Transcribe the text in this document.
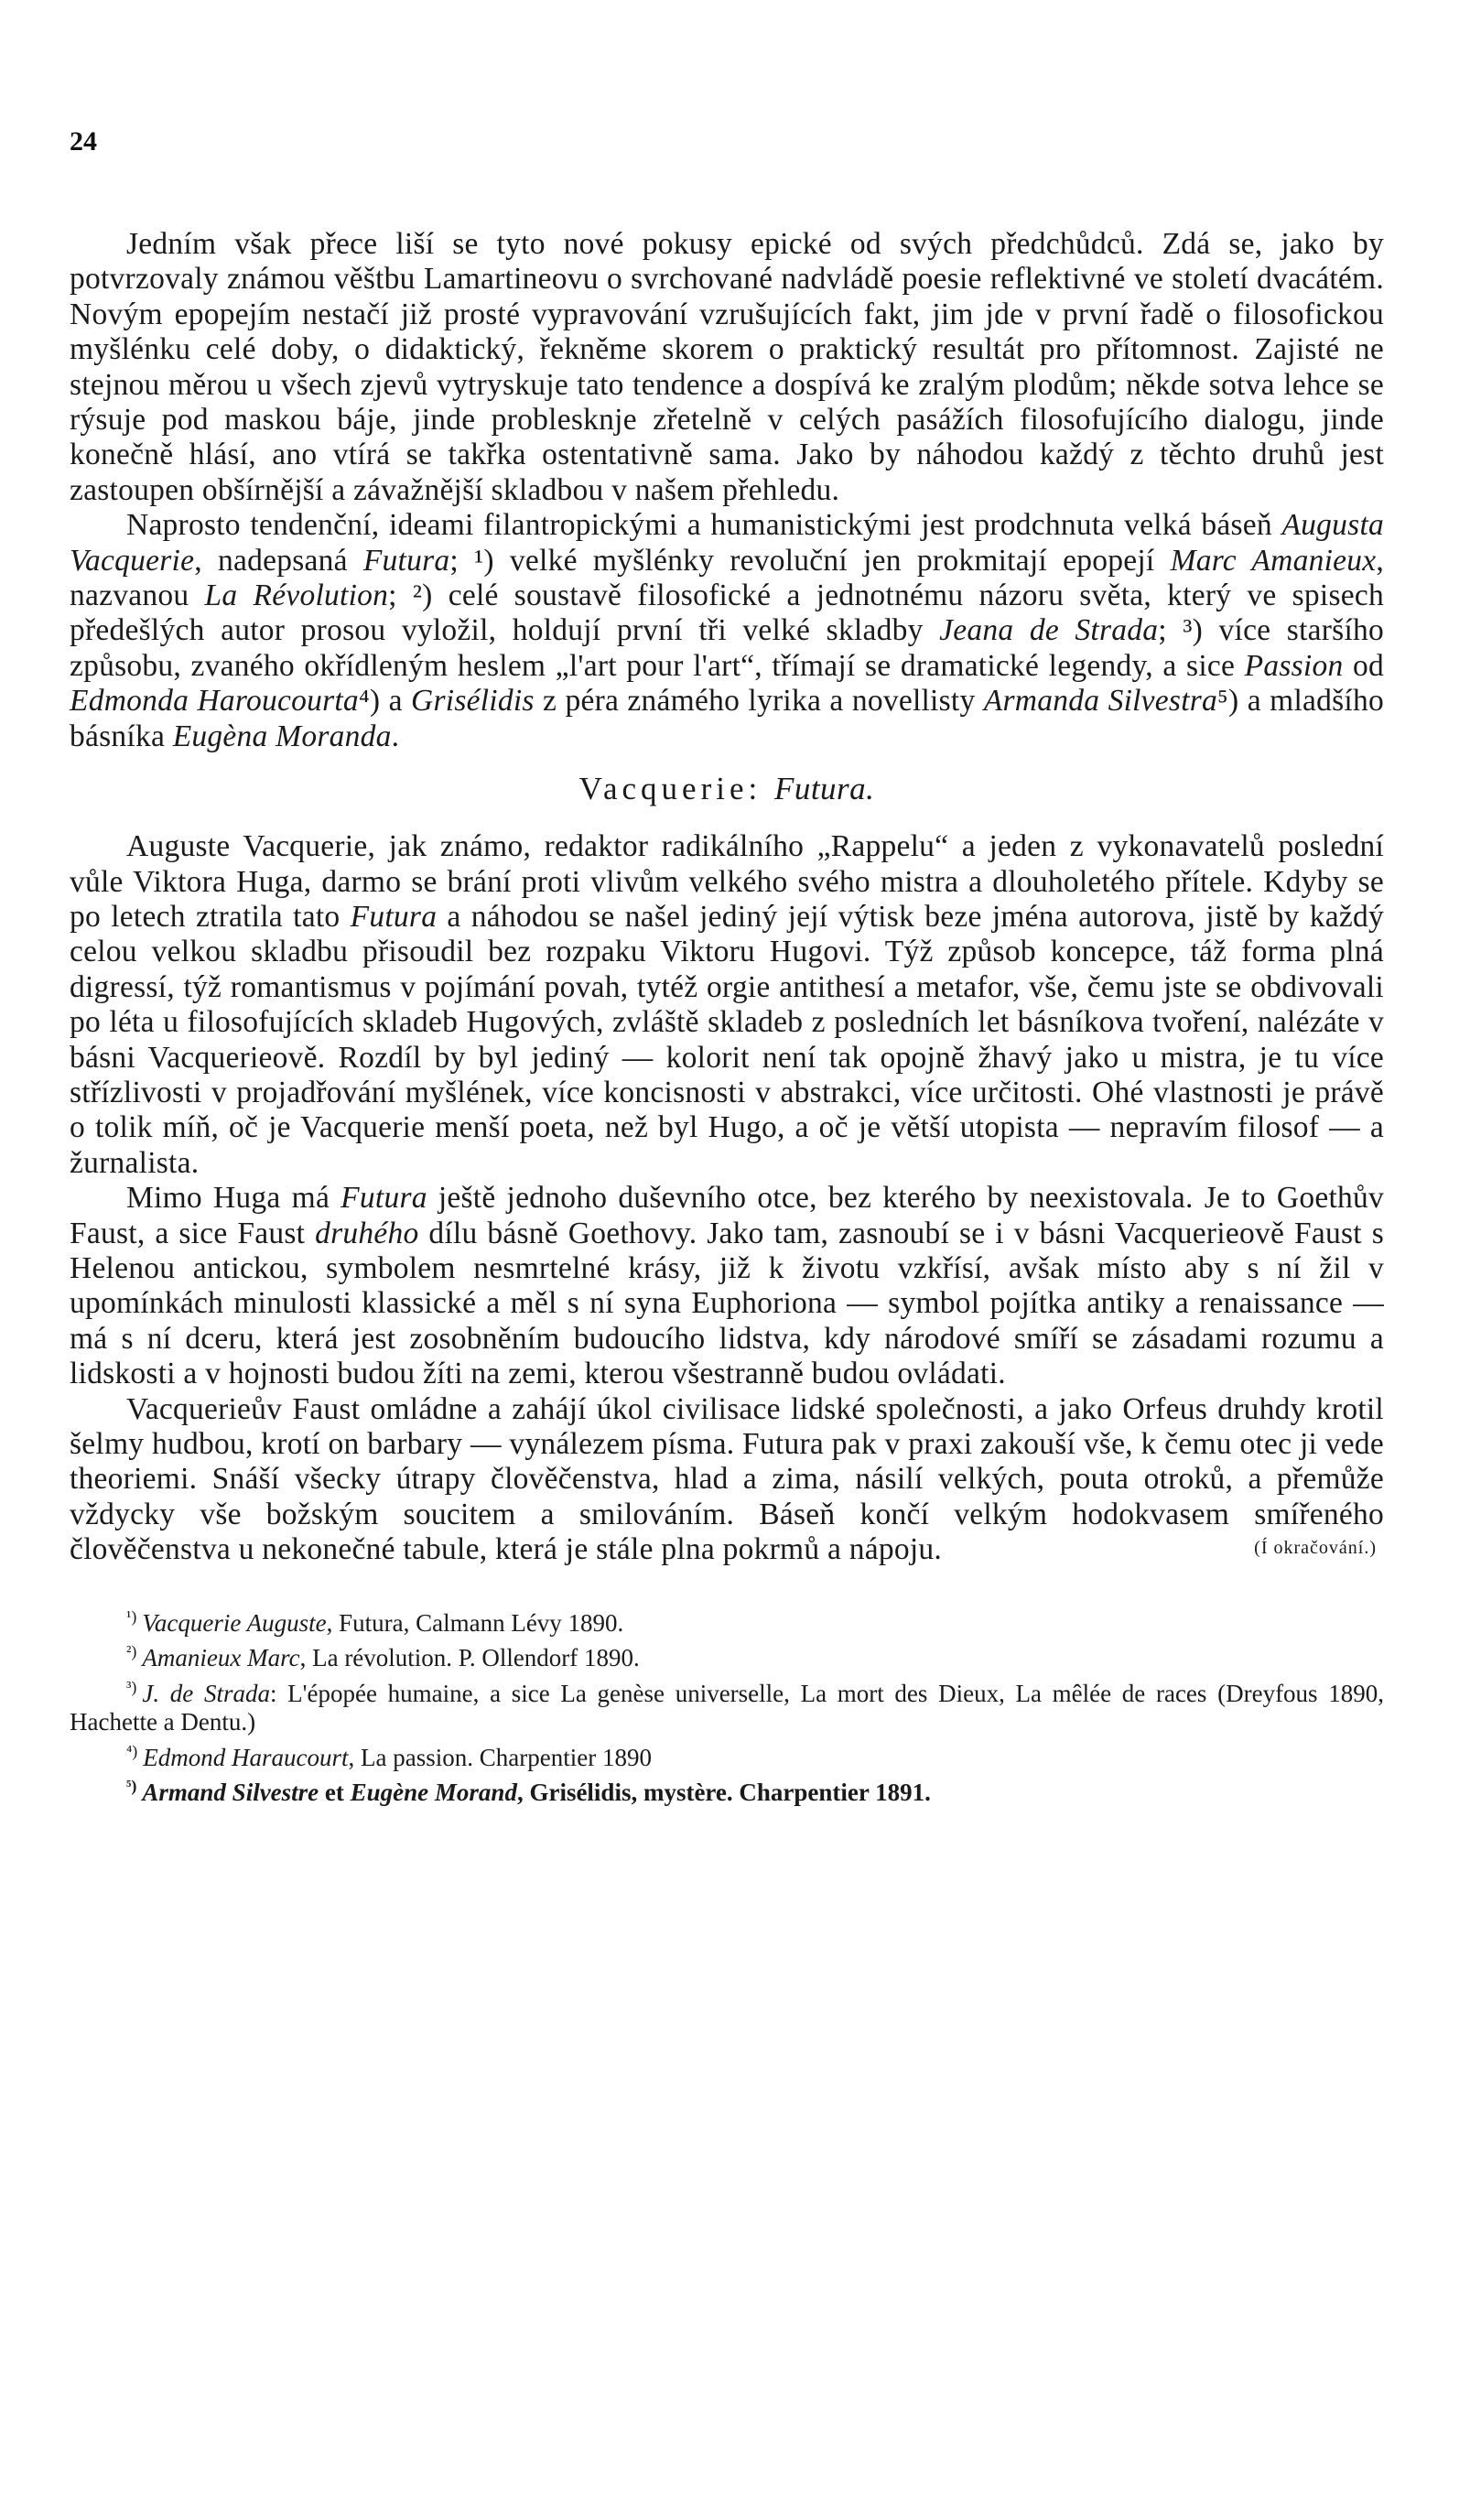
24

Jedním však přece liší se tyto nové pokusy epické od svých předchůdců. Zdá se, jako by potvrzovaly známou věštbu Lamartineovu o svrchované nadvládě poesie reflektivné ve století dvacátém. Novým epopejím nestačí již prosté vypravování vzrušujících fakt, jim jde v první řadě o filosofickou myšlénku celé doby, o didaktický, řekněme skorem o praktický resultát pro přítomnost. Zajisté ne stejnou měrou u všech zjevů vytryskuje tato tendence a dospívá ke zralým plodům; někde sotva lehce se rýsuje pod maskou báje, jinde problesknje zřetelně v celých pasážích filosofujícího dialogu, jinde konečně hlásí, ano vtírá se takřka ostentativně sama. Jako by náhodou každý z těchto druhů jest zastoupen obšírnější a závažnější skladbou v našem přehledu.

Naprosto tendenční, ideami filantropickými a humanistickými jest prodchnuta velká báseň Augusta Vacquerie, nadepsaná Futura; ¹) velké myšlénky revoluční jen prokmitají epopejí Marc Amanieux, nazvanou La Révolution; ²) celé soustavě filosofické a jednotnému názoru světa, který ve spisech předešlých autor prosou vyložil, holdují první tři velké skladby Jeana de Strada; ³) více staršího způsobu, zvaného okřídleným heslem „l'art pour l'art“, třímají se dramatické legendy, a sice Passion od Edmonda Haroucourta⁴) a Grisélidis z péra známého lyrika a novellisty Armanda Silvestra⁵) a mladšího básníka Eugèna Moranda.

Vacquerie: Futura.

Auguste Vacquerie, jak známo, redaktor radikálního „Rappelu“ a jeden z vykonavatelů poslední vůle Viktora Huga, darmo se brání proti vlivům velkého svého mistra a dlouholetého přítele. Kdyby se po letech ztratila tato Futura a náhodou se našel jediný její výtisk beze jména autorova, jistě by každý celou velkou skladbu přisoudil bez rozpaku Viktoru Hugovi. Týž způsob koncepce, táž forma plná digressí, týž romantismus v pojímání povah, tytéž orgie antithesí a metafor, vše, čemu jste se obdivovali po léta u filosofujících skladeb Hugových, zvláště skladeb z posledních let básníkova tvoření, nalézáte v básni Vacquerieově. Rozdíl by byl jediný — kolorit není tak opojně žhavý jako u mistra, je tu více střízlivosti v projadřování myšlének, více koncisnosti v abstrakci, více určitosti. Ohé vlastnosti je právě o tolik míň, oč je Vacquerie menší poeta, než byl Hugo, a oč je větší utopista — nepravím filosof — a žurnalista.

Mimo Huga má Futura ještě jednoho duševního otce, bez kterého by neexistovala. Je to Goethův Faust, a sice Faust druhého dílu básně Goethovy. Jako tam, zasnoubí se i v básni Vacquerieově Faust s Helenou antickou, symbolem nesmrtelné krásy, již k životu vzkřísí, avšak místo aby s ní žil v upomínkách minulosti klassické a měl s ní syna Euphoriona — symbol pojítka antiky a renaissance — má s ní dceru, která jest zosobněním budoucího lidstva, kdy národové smíří se zásadami rozumu a lidskosti a v hojnosti budou žíti na zemi, kterou všestranně budou ovládati.

Vacquerieův Faust omládne a zahájí úkol civilisace lidské společnosti, a jako Orfeus druhdy krotil šelmy hudbou, krotí on barbary — vynálezem písma. Futura pak v praxi zakouší vše, k čemu otec ji vede theoriemi. Snáší všecky útrapy člověčenstva, hlad a zima, násilí velkých, pouta otroků, a přemůže vždycky vše božským soucitem a smilováním. Báseň končí velkým hodokvasem smířeného člověčenstva u nekonečné tabule, která je stále plna pokrmů a nápoju.	(Í okračování.)

$^{^1)}$ Vacquerie Auguste, Futura, Calmann Lévy 1890.

$^{^2)}$ Amanieux Marc, La révolution. P. Ollendorf 1890.

$^{^3)}$ J. de Strada: L'épopée humaine, a sice La genèse universelle, La mort des Dieux, La mêlée de races (Dreyfous 1890, Hachette a Dentu.)

$^{^4)}$ Edmond Haraucourt, La passion. Charpentier 1890

$^{^5)}$ Armand Silvestre et Eugène Morand, Grisélidis, mystère. Charpentier 1891.
